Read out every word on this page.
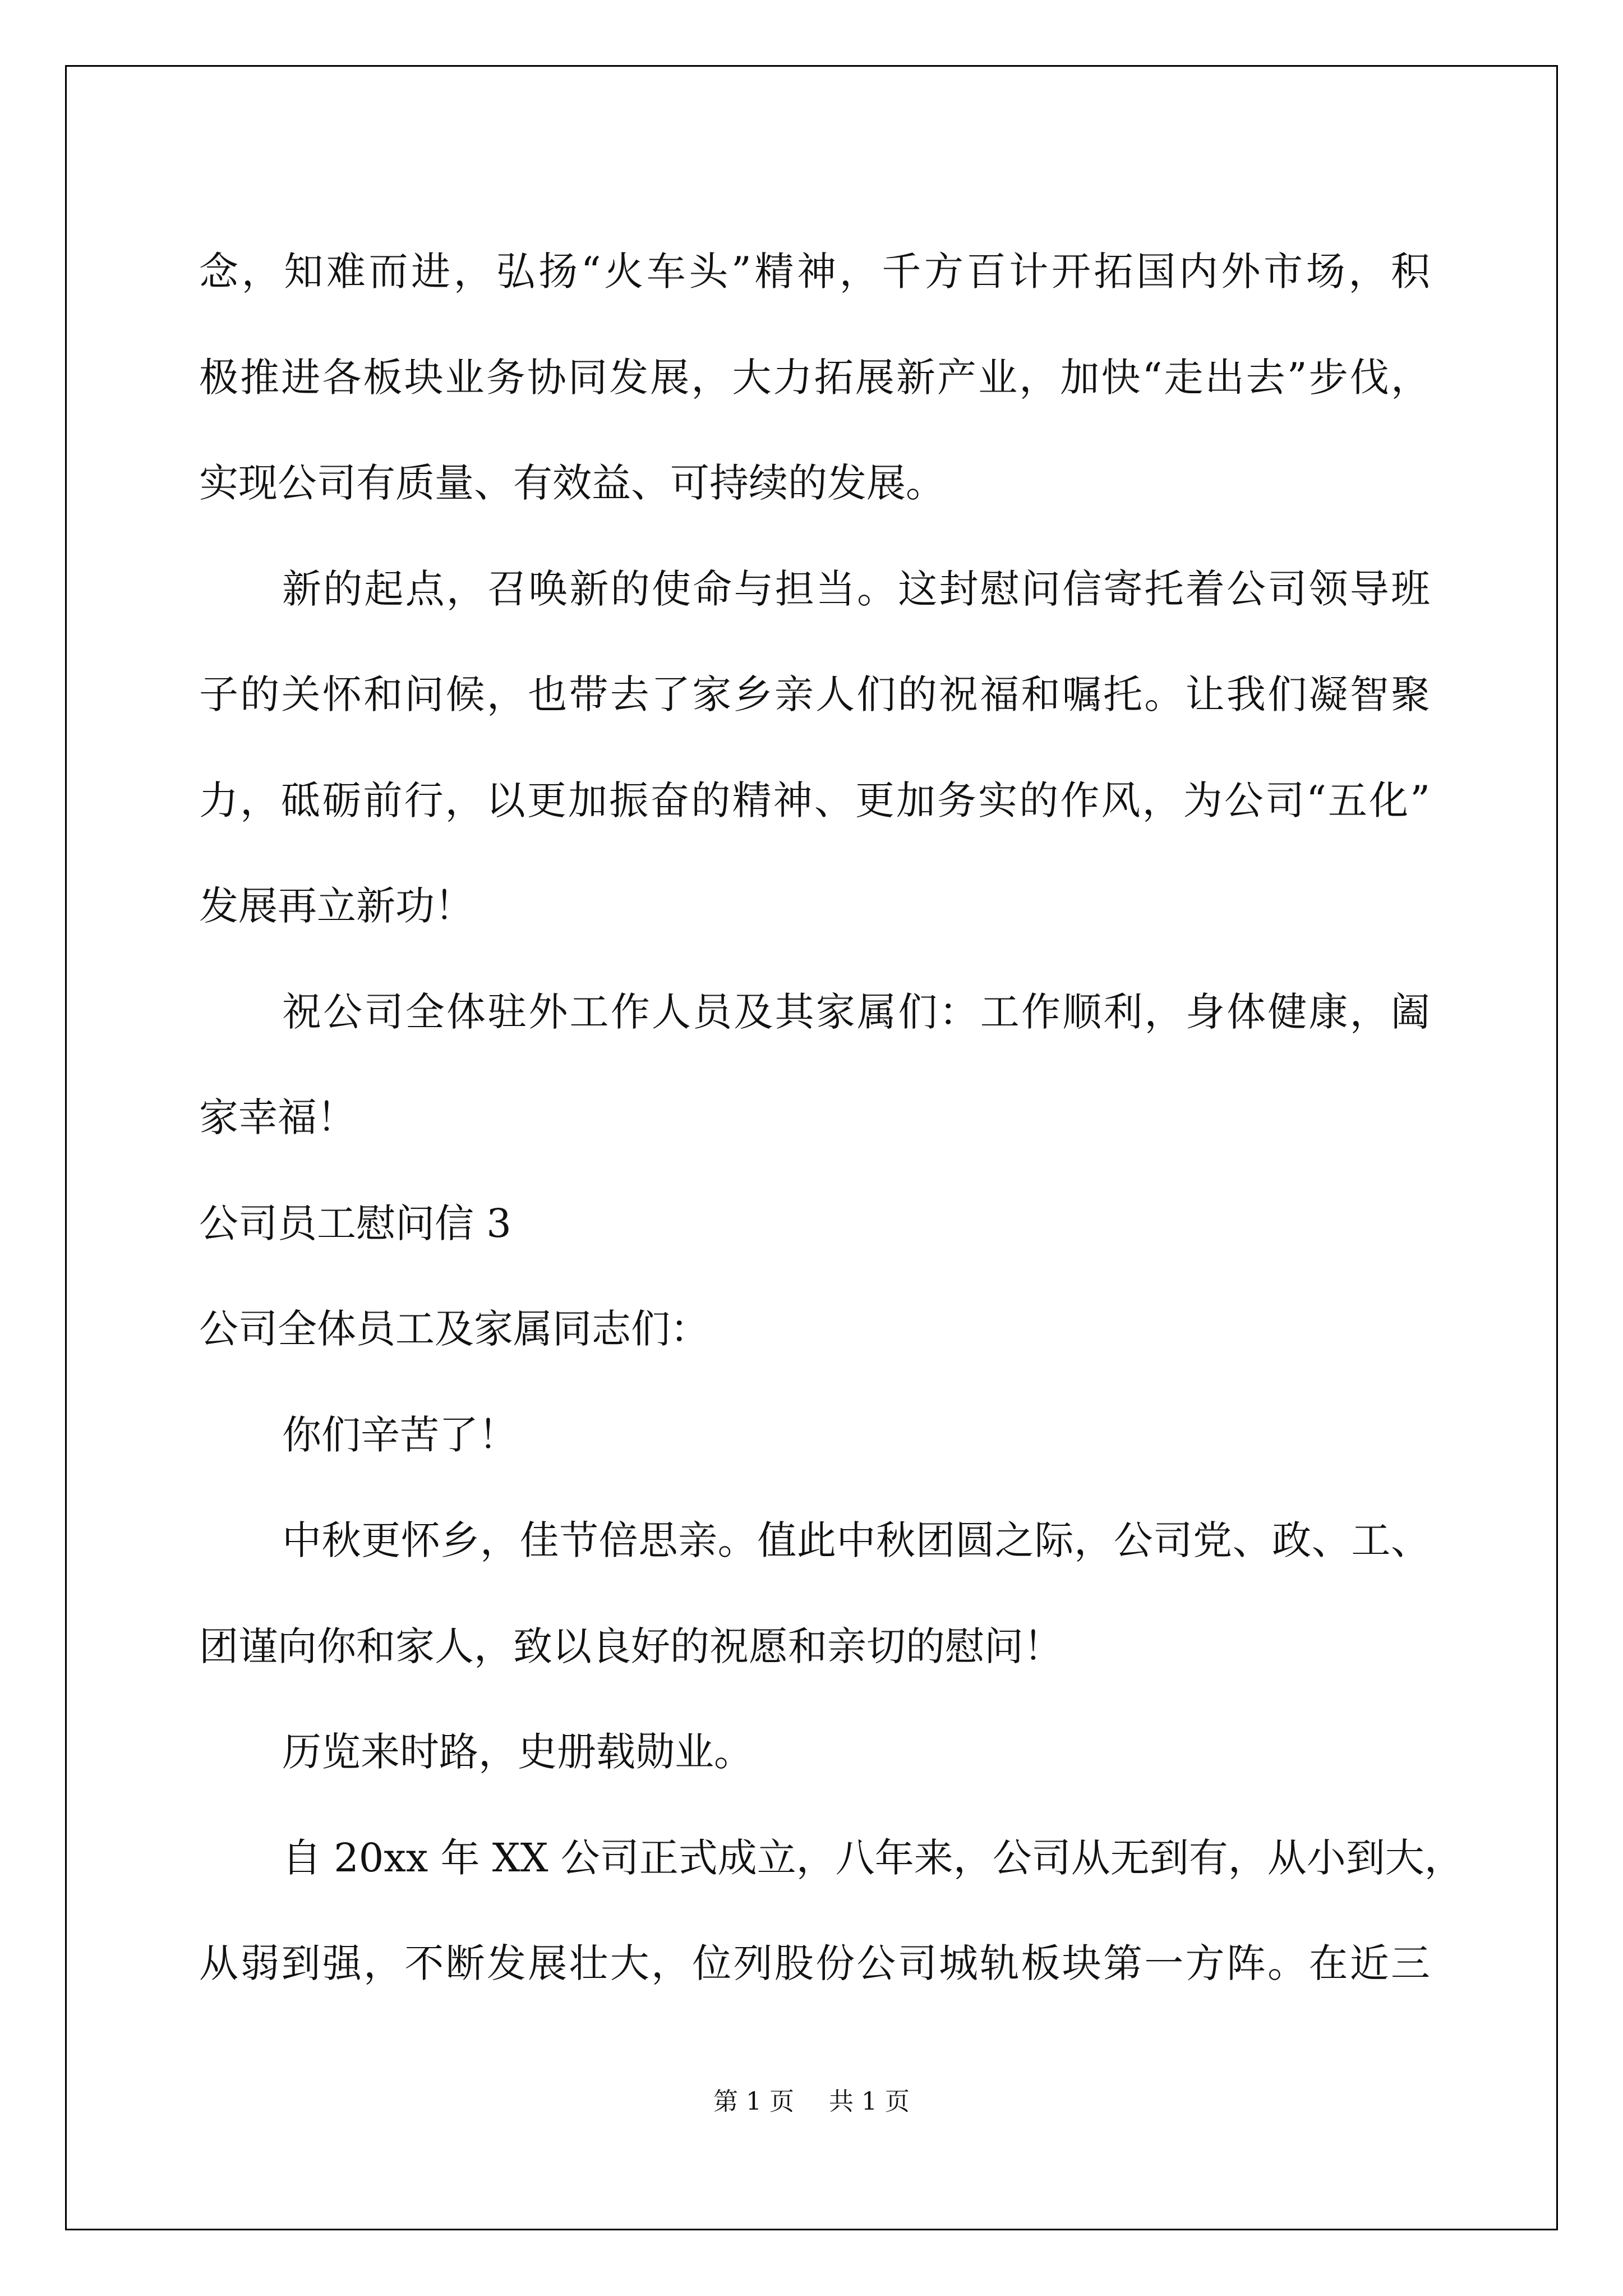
念，知难而进，弘扬“火车头”精神，千方百计开拓国内外市场，积
极推进各板块业务协同发展，大力拓展新产业，加快“走出去”步伐，
实现公司有质量、有效益、可持续的发展。
新的起点，召唤新的使命与担当。这封慰问信寄托着公司领导班
子的关怀和问候，也带去了家乡亲人们的祝福和嘱托。让我们凝智聚
力，砥砺前行，以更加振奋的精神、更加务实的作风，为公司“五化”
发展再立新功！
祝公司全体驻外工作人员及其家属们：工作顺利，身体健康，阖
家幸福！
公司员工慰问信 3
公司全体员工及家属同志们：
你们辛苦了！
中秋更怀乡，佳节倍思亲。值此中秋团圆之际，公司党、政、工、
团谨向你和家人，致以良好的祝愿和亲切的慰问！
历览来时路，史册载勋业。
自 20xx 年 XX 公司正式成立，八年来，公司从无到有，从小到大，
从弱到强，不断发展壮大，位列股份公司城轨板块第一方阵。在近三
第 1 页 共 1 页
